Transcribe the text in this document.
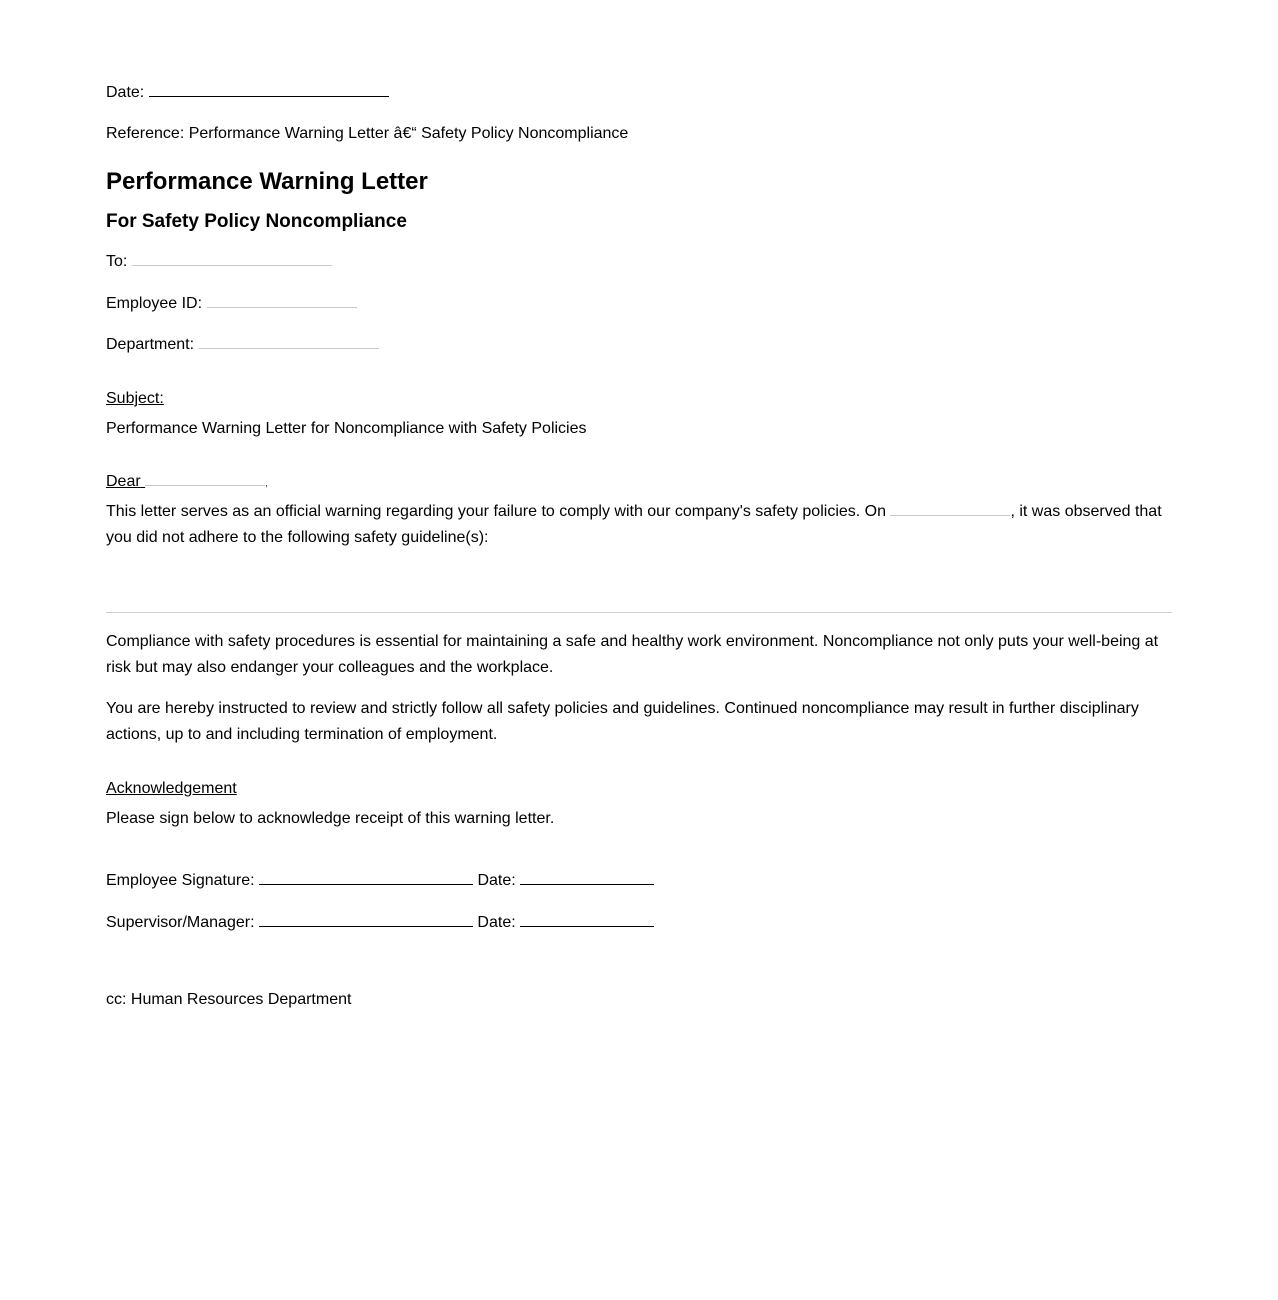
Date:
Reference: Performance Warning Letter â€“ Safety Policy Noncompliance
Performance Warning Letter
For Safety Policy Noncompliance
To:
Employee ID:
Department:
Subject:
Performance Warning Letter for Noncompliance with Safety Policies
Dear	,
This letter serves as an official warning regarding your failure to comply with our company's safety policies. On	, it was observed that you did not adhere to the following safety guideline(s):
Compliance with safety procedures is essential for maintaining a safe and healthy work environment. Noncompliance not only puts your well-being at risk but may also endanger your colleagues and the workplace.
You are hereby instructed to review and strictly follow all safety policies and guidelines. Continued noncompliance may result in further disciplinary actions, up to and including termination of employment.
Acknowledgement
Please sign below to acknowledge receipt of this warning letter.
Employee Signature:	Date:
Supervisor/Manager:	Date:
cc: Human Resources Department
